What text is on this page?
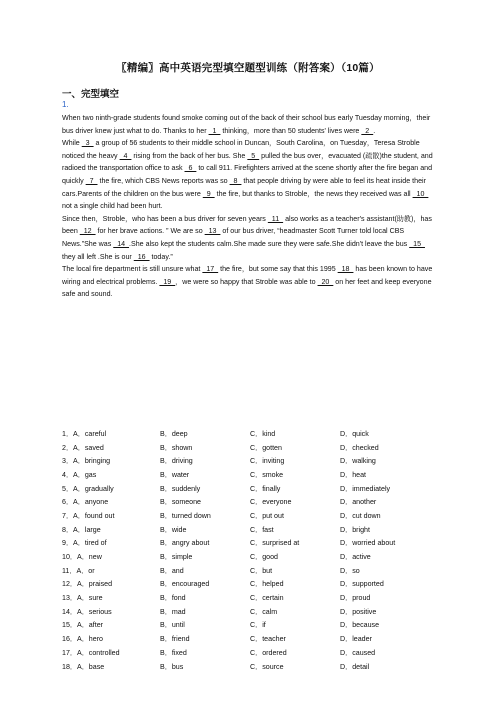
〖精编〗高中英语完型填空题型训练（附答案）（10篇）
一、完型填空
1.

When two ninth-grade students found smoke coming out of the back of their school bus early Tuesday morning，their bus driver knew just what to do. Thanks to her   1   thinking，more than 50 students' lives were   2  .

While   3   a group of 56 students to their middle school in Duncan，South Carolina，on Tuesday，Teresa Stroble noticed the heavy   4   rising from the back of her bus. She   5   pulled the bus over，evacuated (疏散)the student, and radioed the transportation office to ask   6   to call 911. Firefighters arrived at the scene shortly after the fire began and quickly   7   the fire, which CBS News reports was so   8   that people driving by were able to feel its heat inside their cars.Parents of the children on the bus were   9   the fire, but thanks to Stroble，the news they received was all   10   not a single child had been hurt.

Since then，Stroble，who has been a bus driver for seven years   11   also works as a teacher's assistant(助教)，has been   12   for her brave actions. ” We are so   13   of our bus driver, “headmaster Scott Turner told local CBS News.”She was   14  .She also kept the students calm.She made sure they were safe.She didn't leave the bus   15   they all left .She is our   16   today.”

The local fire department is still unsure what   17   the fire，but some say that this 1995   18   has been known to have wiring and electrical problems.   19  ，we were so happy that Stroble was able to   20   on her feet and keep everyone safe and sound.

1．A．careful	B．deep	C．kind	D．quick
2．A．saved	B．shown	C．gotten	D．checked
3．A．bringing	B．driving	C．inviting	D．walking
4．A．gas	B．water	C．smoke	D．heat
5．A．gradually	B．suddenly	C．finally	D．immediately
6．A．anyone	B．someone	C．everyone	D．another
7．A．found out	B．turned down	C．put out	D．cut down
8．A．large	B．wide	C．fast	D．bright
9．A．tired of	B．angry about	C．surprised at	D．worried about
10．A．new	B．simple	C．good	D．active
11．A．or	B．and	C．but	D．so
12．A．praised	B．encouraged	C．helped	D．supported
13．A．sure	B．fond	C．certain	D．proud
14．A．serious	B．mad	C．calm	D．positive
15．A．after	B．until	C．if	D．because
16．A．hero	B．friend	C．teacher	D．leader
17．A．controlled	B．fixed	C．ordered	D．caused
18．A．base	B．bus	C．source	D．detail
